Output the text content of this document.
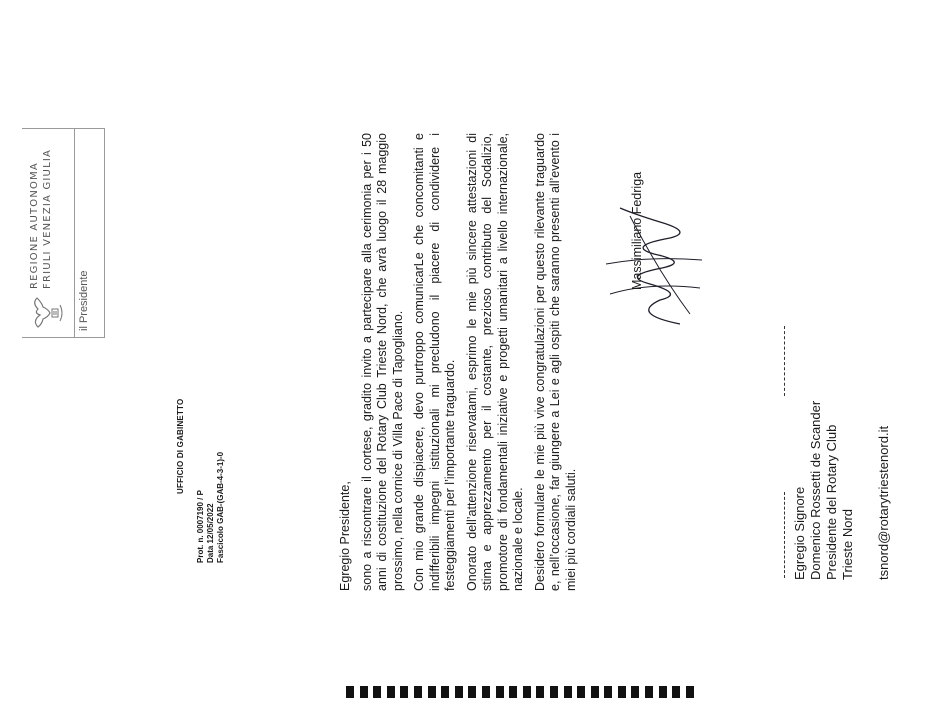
REGIONE AUTONOMA
FRIULI VENEZIA GIULIA
il Presidente
UFFICIO DI GABINETTO
Prot. n. 0007190 / P Data 12/05/2022 Fascicolo GAB-(GAB-4-3-1)-0	Egregio Presidente, sono a riscontrare il cortese, gradito invito a partecipare alla cerimonia per i 50 anni di costituzione del Rotary Club Trieste Nord, che avrà luogo il 28 maggio prossimo, nella cornice di Villa Pace di Tapogliano. Con mio grande dispiacere, devo purtroppo comunicarLe che concomitanti e indifferibili impegni istituzionali mi precludono il piacere di condividere i festeggiamenti per l’importante traguardo. Onorato dell’attenzione riservatami, esprimo le mie più sincere attestazioni di stima e apprezzamento per il costante, prezioso contributo del Sodalizio, promotore di fondamentali iniziative e progetti umanitari a livello internazionale, nazionale e locale. Desidero formulare le mie più vive congratulazioni per questo rilevante traguardo e, nell’occasione, far giungere a Lei e agli ospiti che saranno presenti all’evento i miei più cordiali saluti.

Massimiliano Fedriga
Egregio Signore Domenico Rossetti de Scander Presidente del Rotary Club Trieste Nord tsnord@rotarytriestenord.it
